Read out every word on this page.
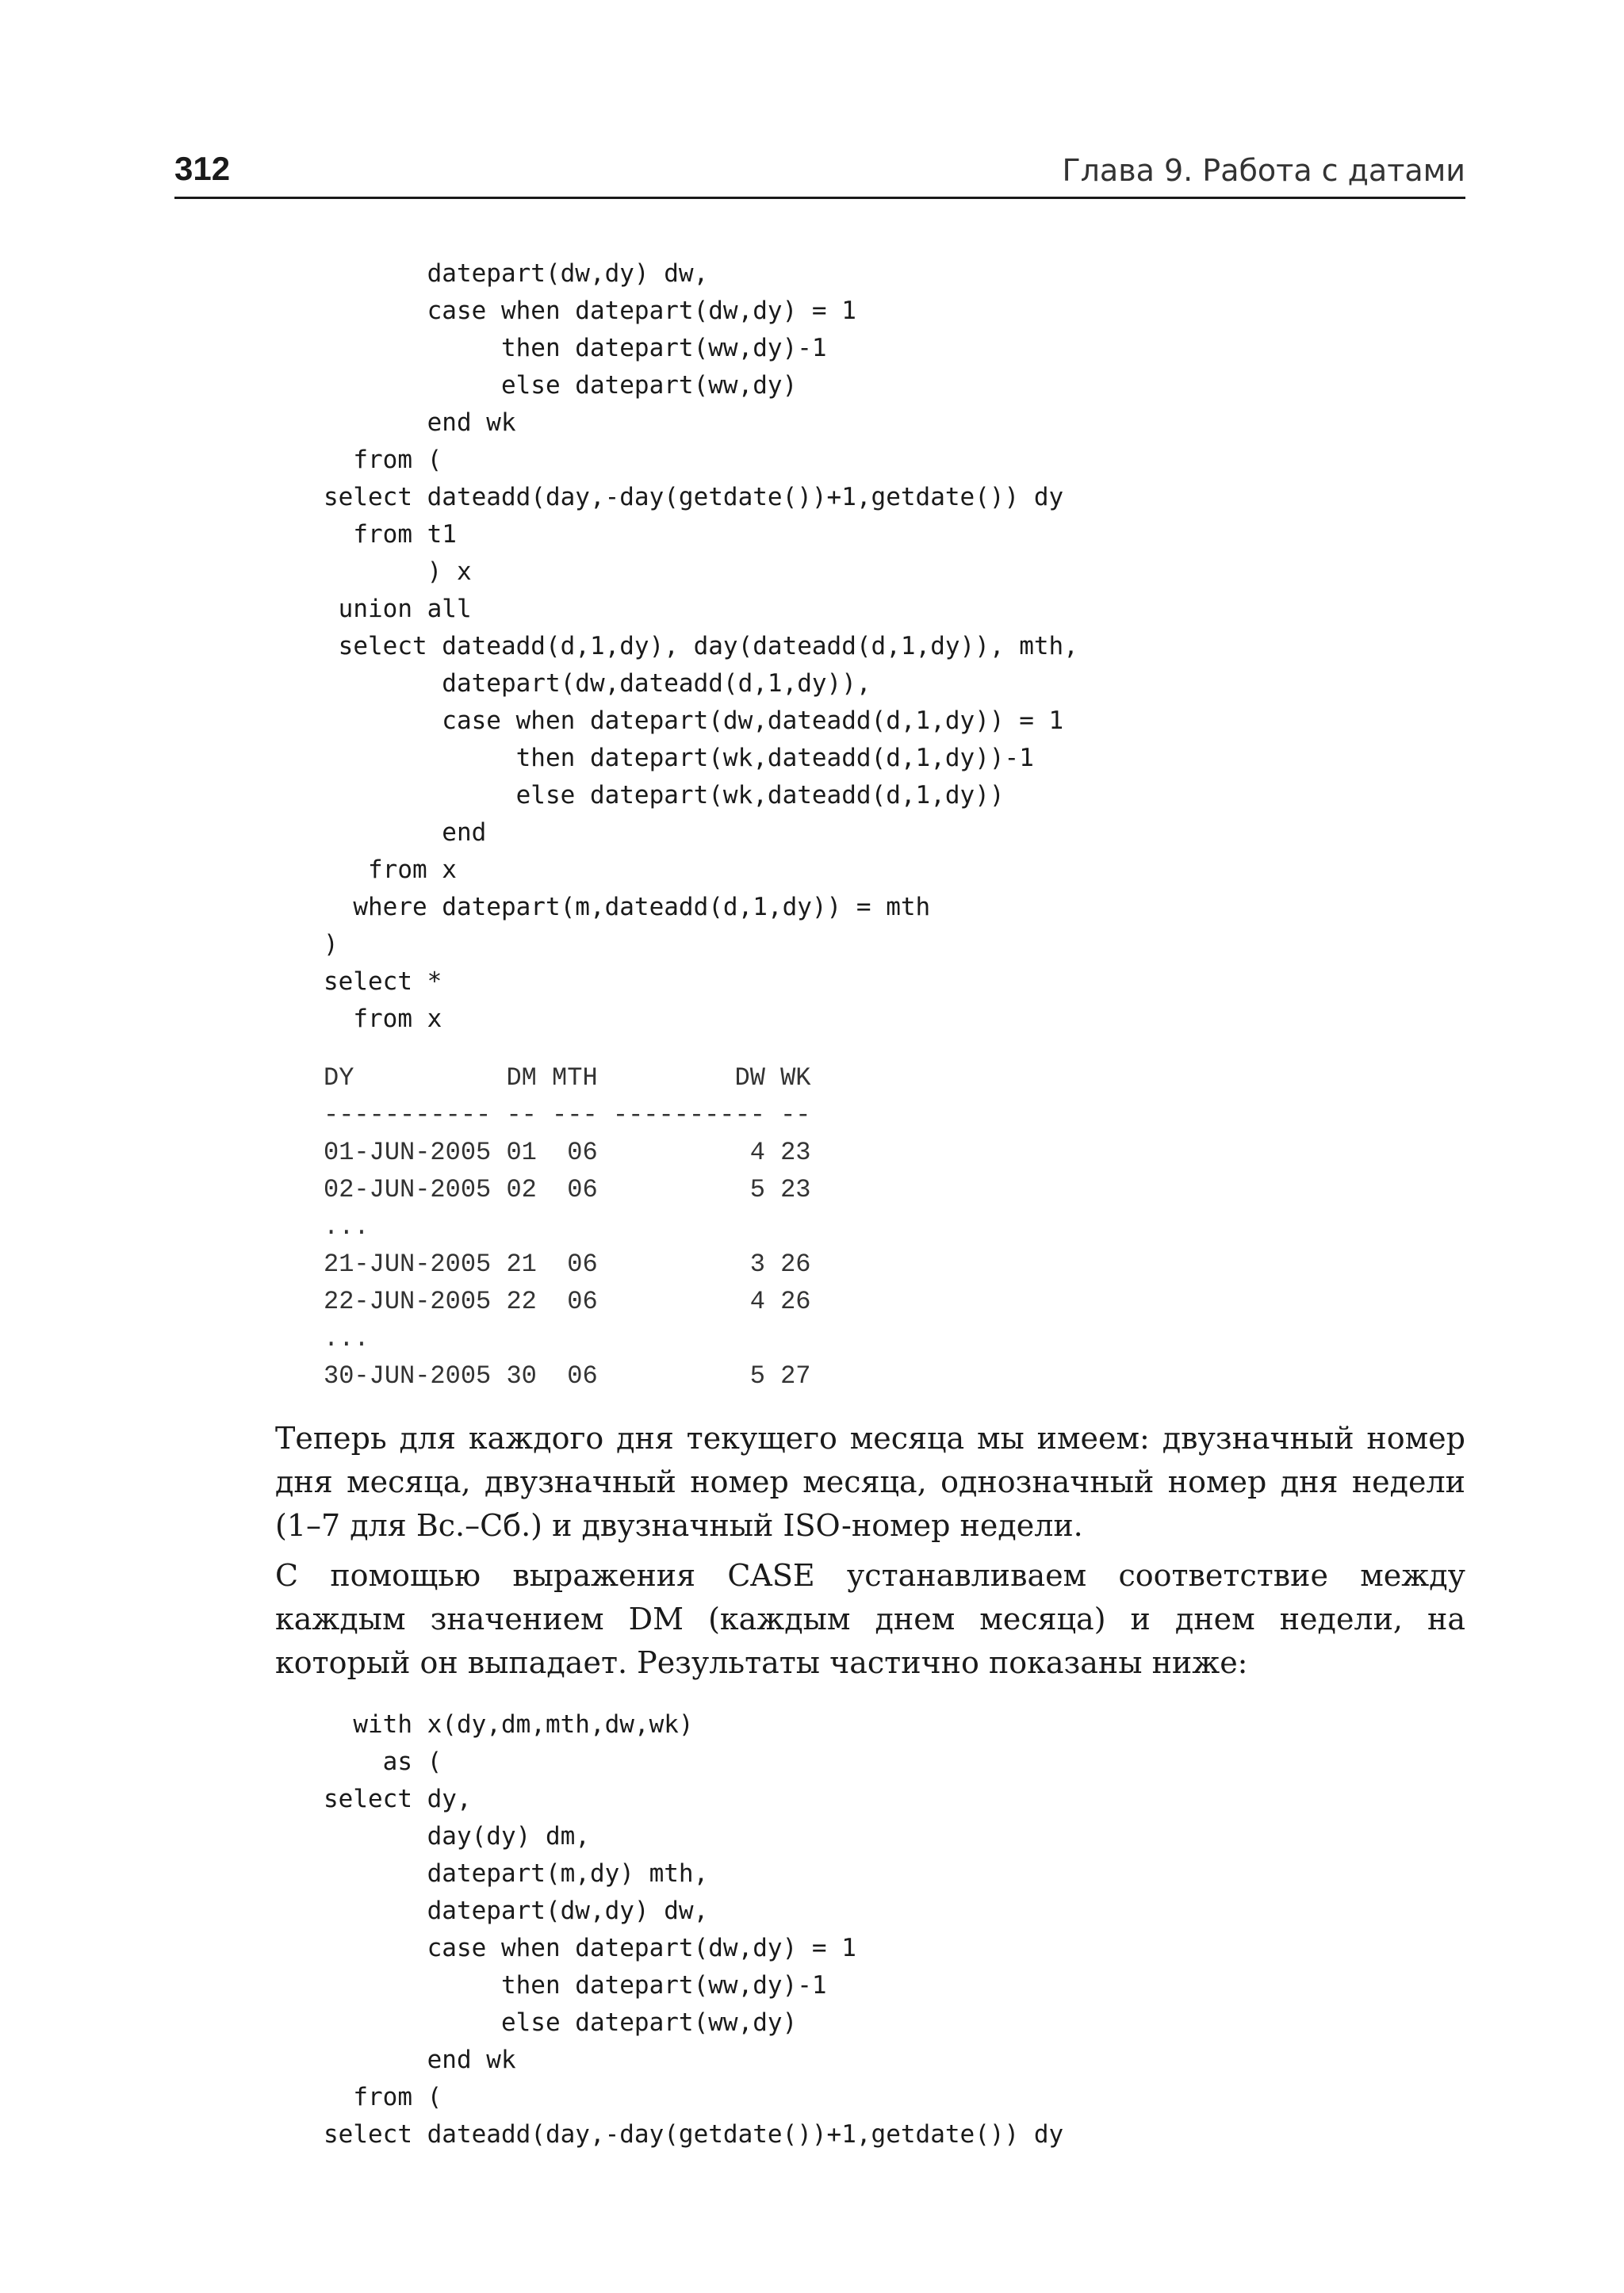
312	Глава 9. Работа с датами
datepart(dw,dy) dw,
case when datepart(dw,dy) = 1
then datepart(ww,dy)-1
else datepart(ww,dy)
end wk
from (
select dateadd(day,-day(getdate())+1,getdate()) dy
from t1
) x
union all
select dateadd(d,1,dy), day(dateadd(d,1,dy)), mth,
datepart(dw,dateadd(d,1,dy)),
case when datepart(dw,dateadd(d,1,dy)) = 1
then datepart(wk,dateadd(d,1,dy))-1
else datepart(wk,dateadd(d,1,dy))
end
from x
where datepart(m,dateadd(d,1,dy)) = mth
)
select *
from x
DY          DM MTH         DW WK
----------- -- --- ---------- --
01-JUN-2005 01  06          4 23
02-JUN-2005 02  06          5 23
...
21-JUN-2005 21  06          3 26
22-JUN-2005 22  06          4 26
...
30-JUN-2005 30  06          5 27

Теперь для каждого дня текущего месяца мы имеем: двузначный номер дня месяца, двузначный номер месяца, однозначный номер дня недели (1–7 для Вс.–Сб.) и двузначный ISO-номер недели.

С помощью выражения CASE устанавливаем соответствие между каждым значением DM (каждым днем месяца) и днем недели, на который он выпадает. Результаты частично показаны ниже:

with x(dy,dm,mth,dw,wk)
as (
select dy,
day(dy) dm,
datepart(m,dy) mth,
datepart(dw,dy) dw,
case when datepart(dw,dy) = 1
then datepart(ww,dy)-1
else datepart(ww,dy)
end wk
from (
select dateadd(day,-day(getdate())+1,getdate()) dy
